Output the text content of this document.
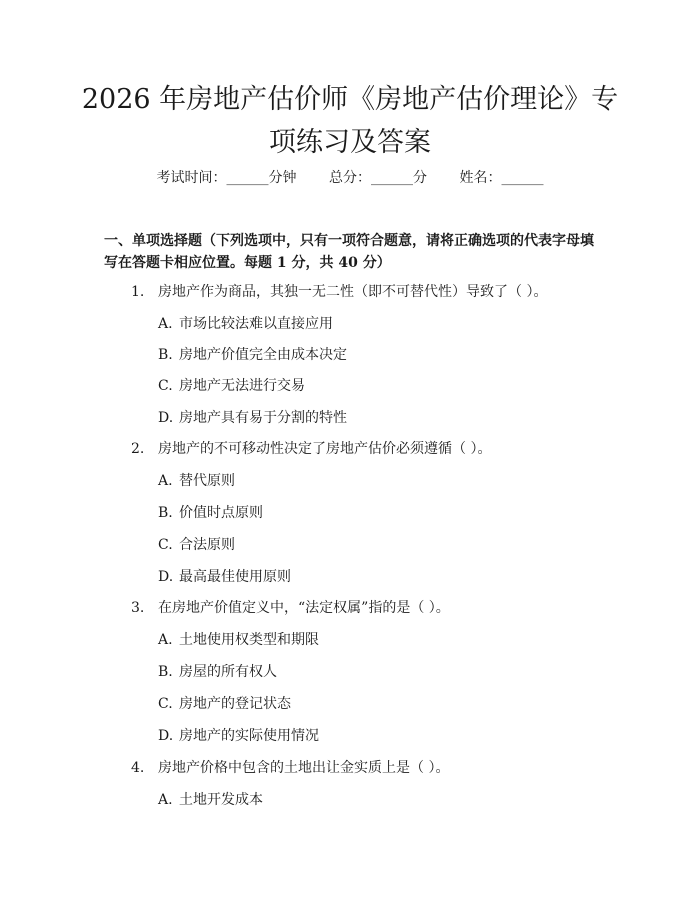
2026 年房地产估价师《房地产估价理论》专
项练习及答案
考试时间：______分钟 总分：______分 姓名：______

一、单项选择题（下列选项中，只有一项符合题意，请将正确选项的代表字母填写在答题卡相应位置。每题 1 分，共 40 分）

1. 房地产作为商品，其独一无二性（即不可替代性）导致了（ ）。
A. 市场比较法难以直接应用
B. 房地产价值完全由成本决定
C. 房地产无法进行交易
D. 房地产具有易于分割的特性
2. 房地产的不可移动性决定了房地产估价必须遵循（ ）。
A. 替代原则
B. 价值时点原则
C. 合法原则
D. 最高最佳使用原则
3. 在房地产价值定义中，“法定权属”指的是（ ）。
A. 土地使用权类型和期限
B. 房屋的所有权人
C. 房地产的登记状态
D. 房地产的实际使用情况
4. 房地产价格中包含的土地出让金实质上是（ ）。
A. 土地开发成本
